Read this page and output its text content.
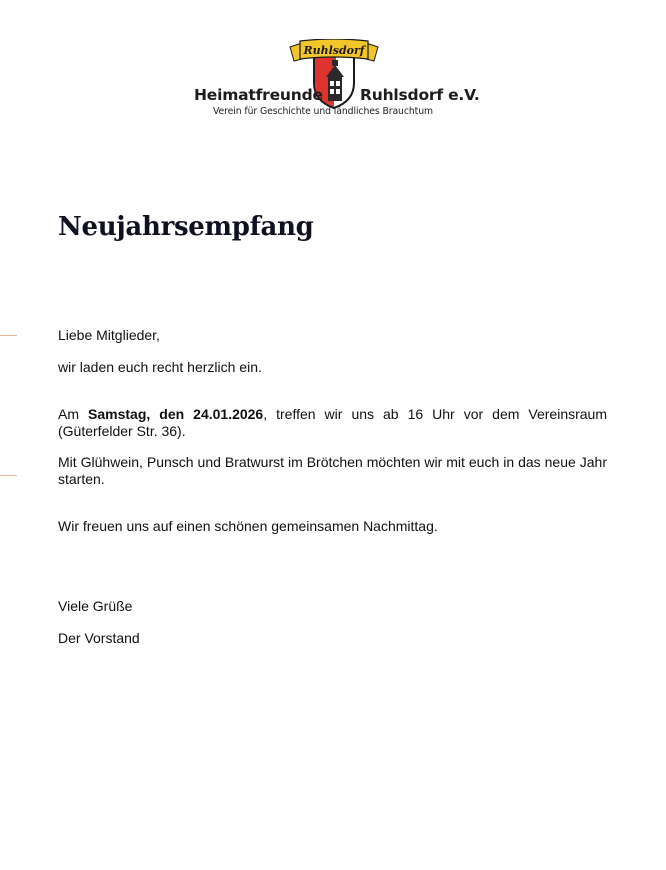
Ruhlsdorf
Heimatfreunde Ruhlsdorf e.V.
Verein für Geschichte und ländliches Brauchtum
Neujahrsempfang

Liebe Mitglieder,

wir laden euch recht herzlich ein.

Am Samstag, den 24.01.2026, treffen wir uns ab 16 Uhr vor dem Vereinsraum (Güterfelder Str. 36).

Mit Glühwein, Punsch und Bratwurst im Brötchen möchten wir mit euch in das neue Jahr starten.

Wir freuen uns auf einen schönen gemeinsamen Nachmittag.

Viele Grüße

Der Vorstand
